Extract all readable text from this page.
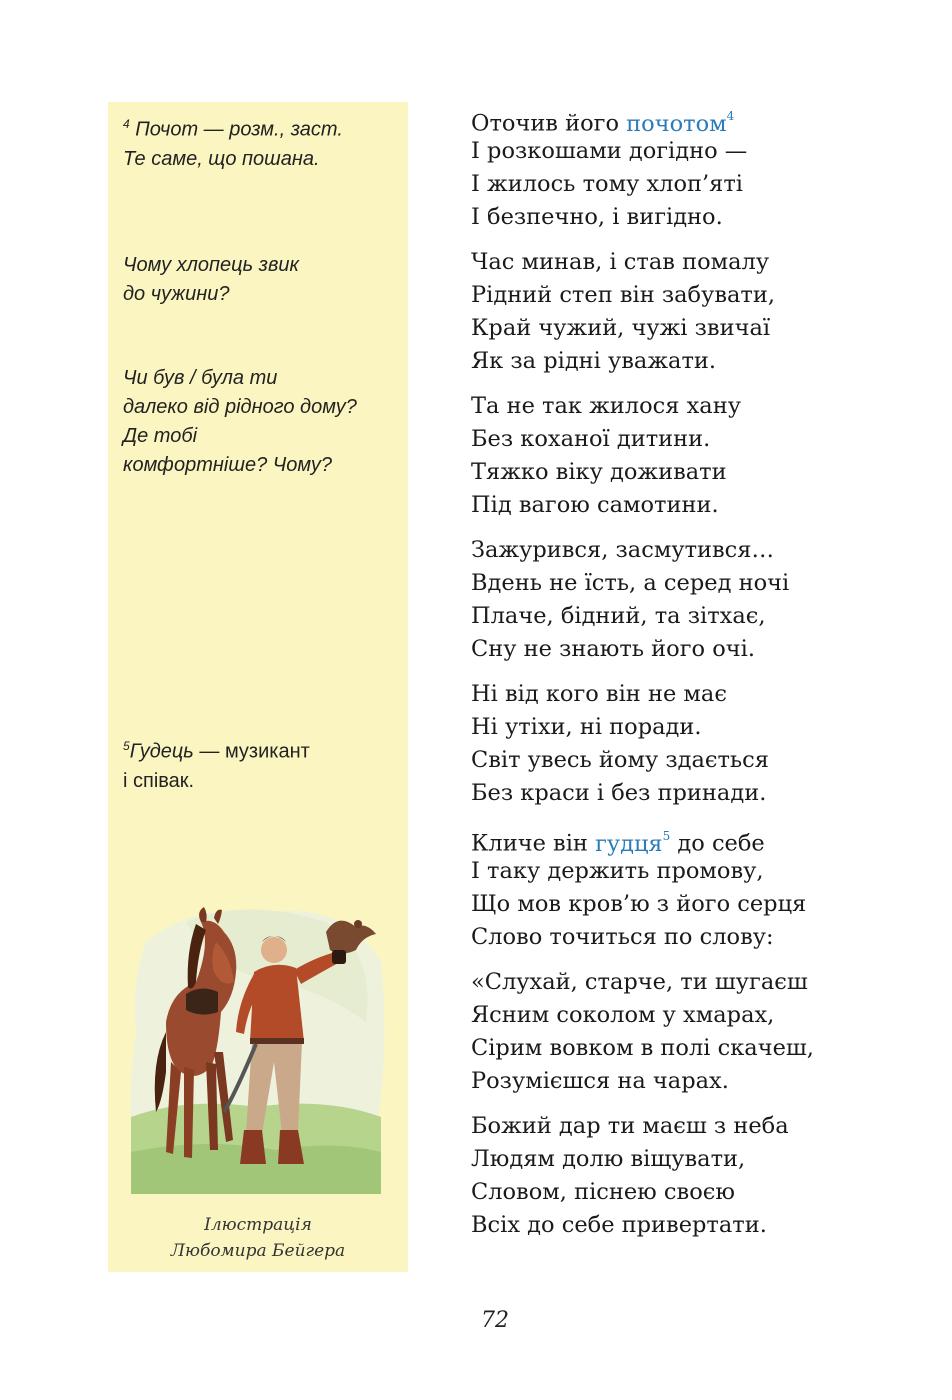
$^4$ Почот — розм., заст.
Те саме, що пошана.
Чому хлопець звик
до чужини?
Чи був / була ти
далеко від рідного дому?
Де тобі
комфортніше? Чому?
$^5$Гудець — музикант
і співак.
Ілюстрація
Любомира Бейгера
Оточив його почотом$^4$
І розкошами догідно —
І жилось тому хлоп’яті
І безпечно, і вигідно.
Час минав, і став помалу
Рідний степ він забувати,
Край чужий, чужі звичаї
Як за рідні уважати.
Та не так жилося хану
Без коханої дитини.
Тяжко віку доживати
Під вагою самотини.
Зажурився, засмутився…
Вдень не їсть, а серед ночі
Плаче, бідний, та зітхає,
Сну не знають його очі.
Ні від кого він не має
Ні утіхи, ні поради.
Світ увесь йому здається
Без краси і без принади.
Кличе він гудця$^5$ до себе
І таку держить промову,
Що мов кров’ю з його серця
Слово точиться по слову:
«Слухай, старче, ти шугаєш
Ясним соколом у хмарах,
Сірим вовком в полі скачеш,
Розумієшся на чарах.
Божий дар ти маєш з неба
Людям долю віщувати,
Словом, піснею своєю
Всіх до себе привертати.
72
